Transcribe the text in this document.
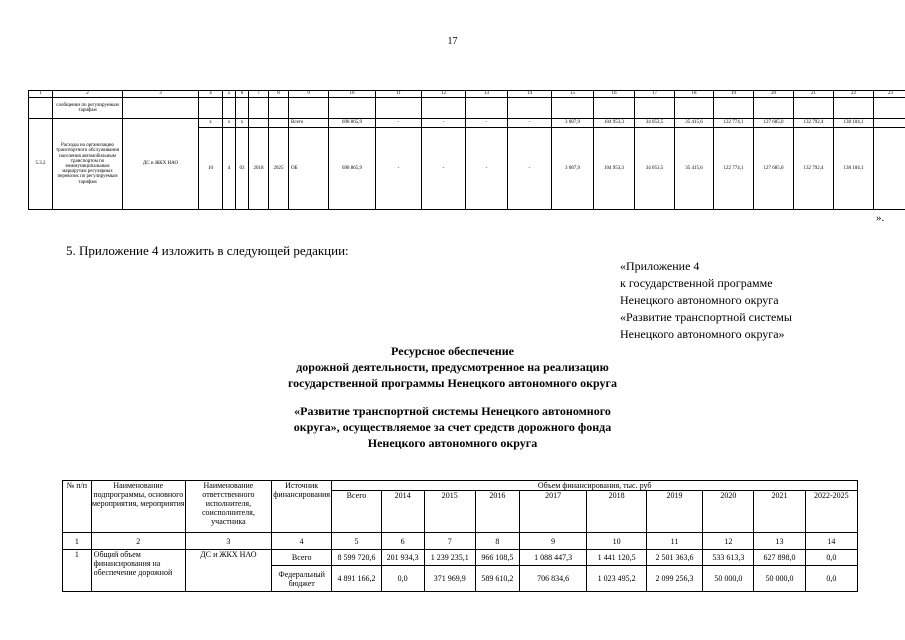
17
1	2	3	4	5	6	7	8	9	10	11	12	13	14	15	16	17	18	19	20	21	22	23
	сообщении по регулируемым тарифам																					
5.3.2	Расходы на организацию транспортного обслуживания населения автомобильным транспортом по межмуниципальным маршрутам регулярных перевозок по регулируемым тарифам	ДС и ЖКХ НАО	х	х	х			Всего	698 865,9	-	-	-	-	3 087,9	104 953,3	34 053,5	35 415,6	122 774,1	127 685,0	132 792,4	138 104,1	
			10	4	03	2018	2025	ОБ	698 865,9	-	-	-	-	3 087,9	104 953,3	34 053,5	35 415,6	122 774,1	127 685,0	132 792,4	138 104,1	
».
5. Приложение 4 изложить в следующей редакции:
«Приложение 4
к государственной программе
Ненецкого автономного округа
«Развитие транспортной системы
Ненецкого автономного округа»
Ресурсное обеспечение
дорожной деятельности, предусмотренное на реализацию
государственной программы Ненецкого автономного округа
«Развитие транспортной системы Ненецкого автономного
округа», осуществляемое за счет средств дорожного фонда
Ненецкого автономного округа
№ п/п	Наименование подпрограммы, основного мероприятия, мероприятия	Наименование ответственного исполнителя, соисполнителя, участника	Источник финансирования	Объем финансирования, тыс. руб									
				Всего	2014	2015	2016	2017	2018	2019	2020	2021	2022-2025
1	2	3	4	5	6	7	8	9	10	11	12	13	14
1	Общий объем финансирования на обеспечение дорожной	ДС и ЖКХ НАО	Всего	8 599 720,6	201 934,3	1 239 235,1	966 108,5	1 088 447,3	1 441 120,5	2 501 363,6	533 613,3	627 898,0	0,0
			Федеральный бюджет	4 891 166,2	0,0	371 969,9	589 610,2	706 834,6	1 023 495,2	2 099 256,3	50 000,0	50 000,0	0,0
